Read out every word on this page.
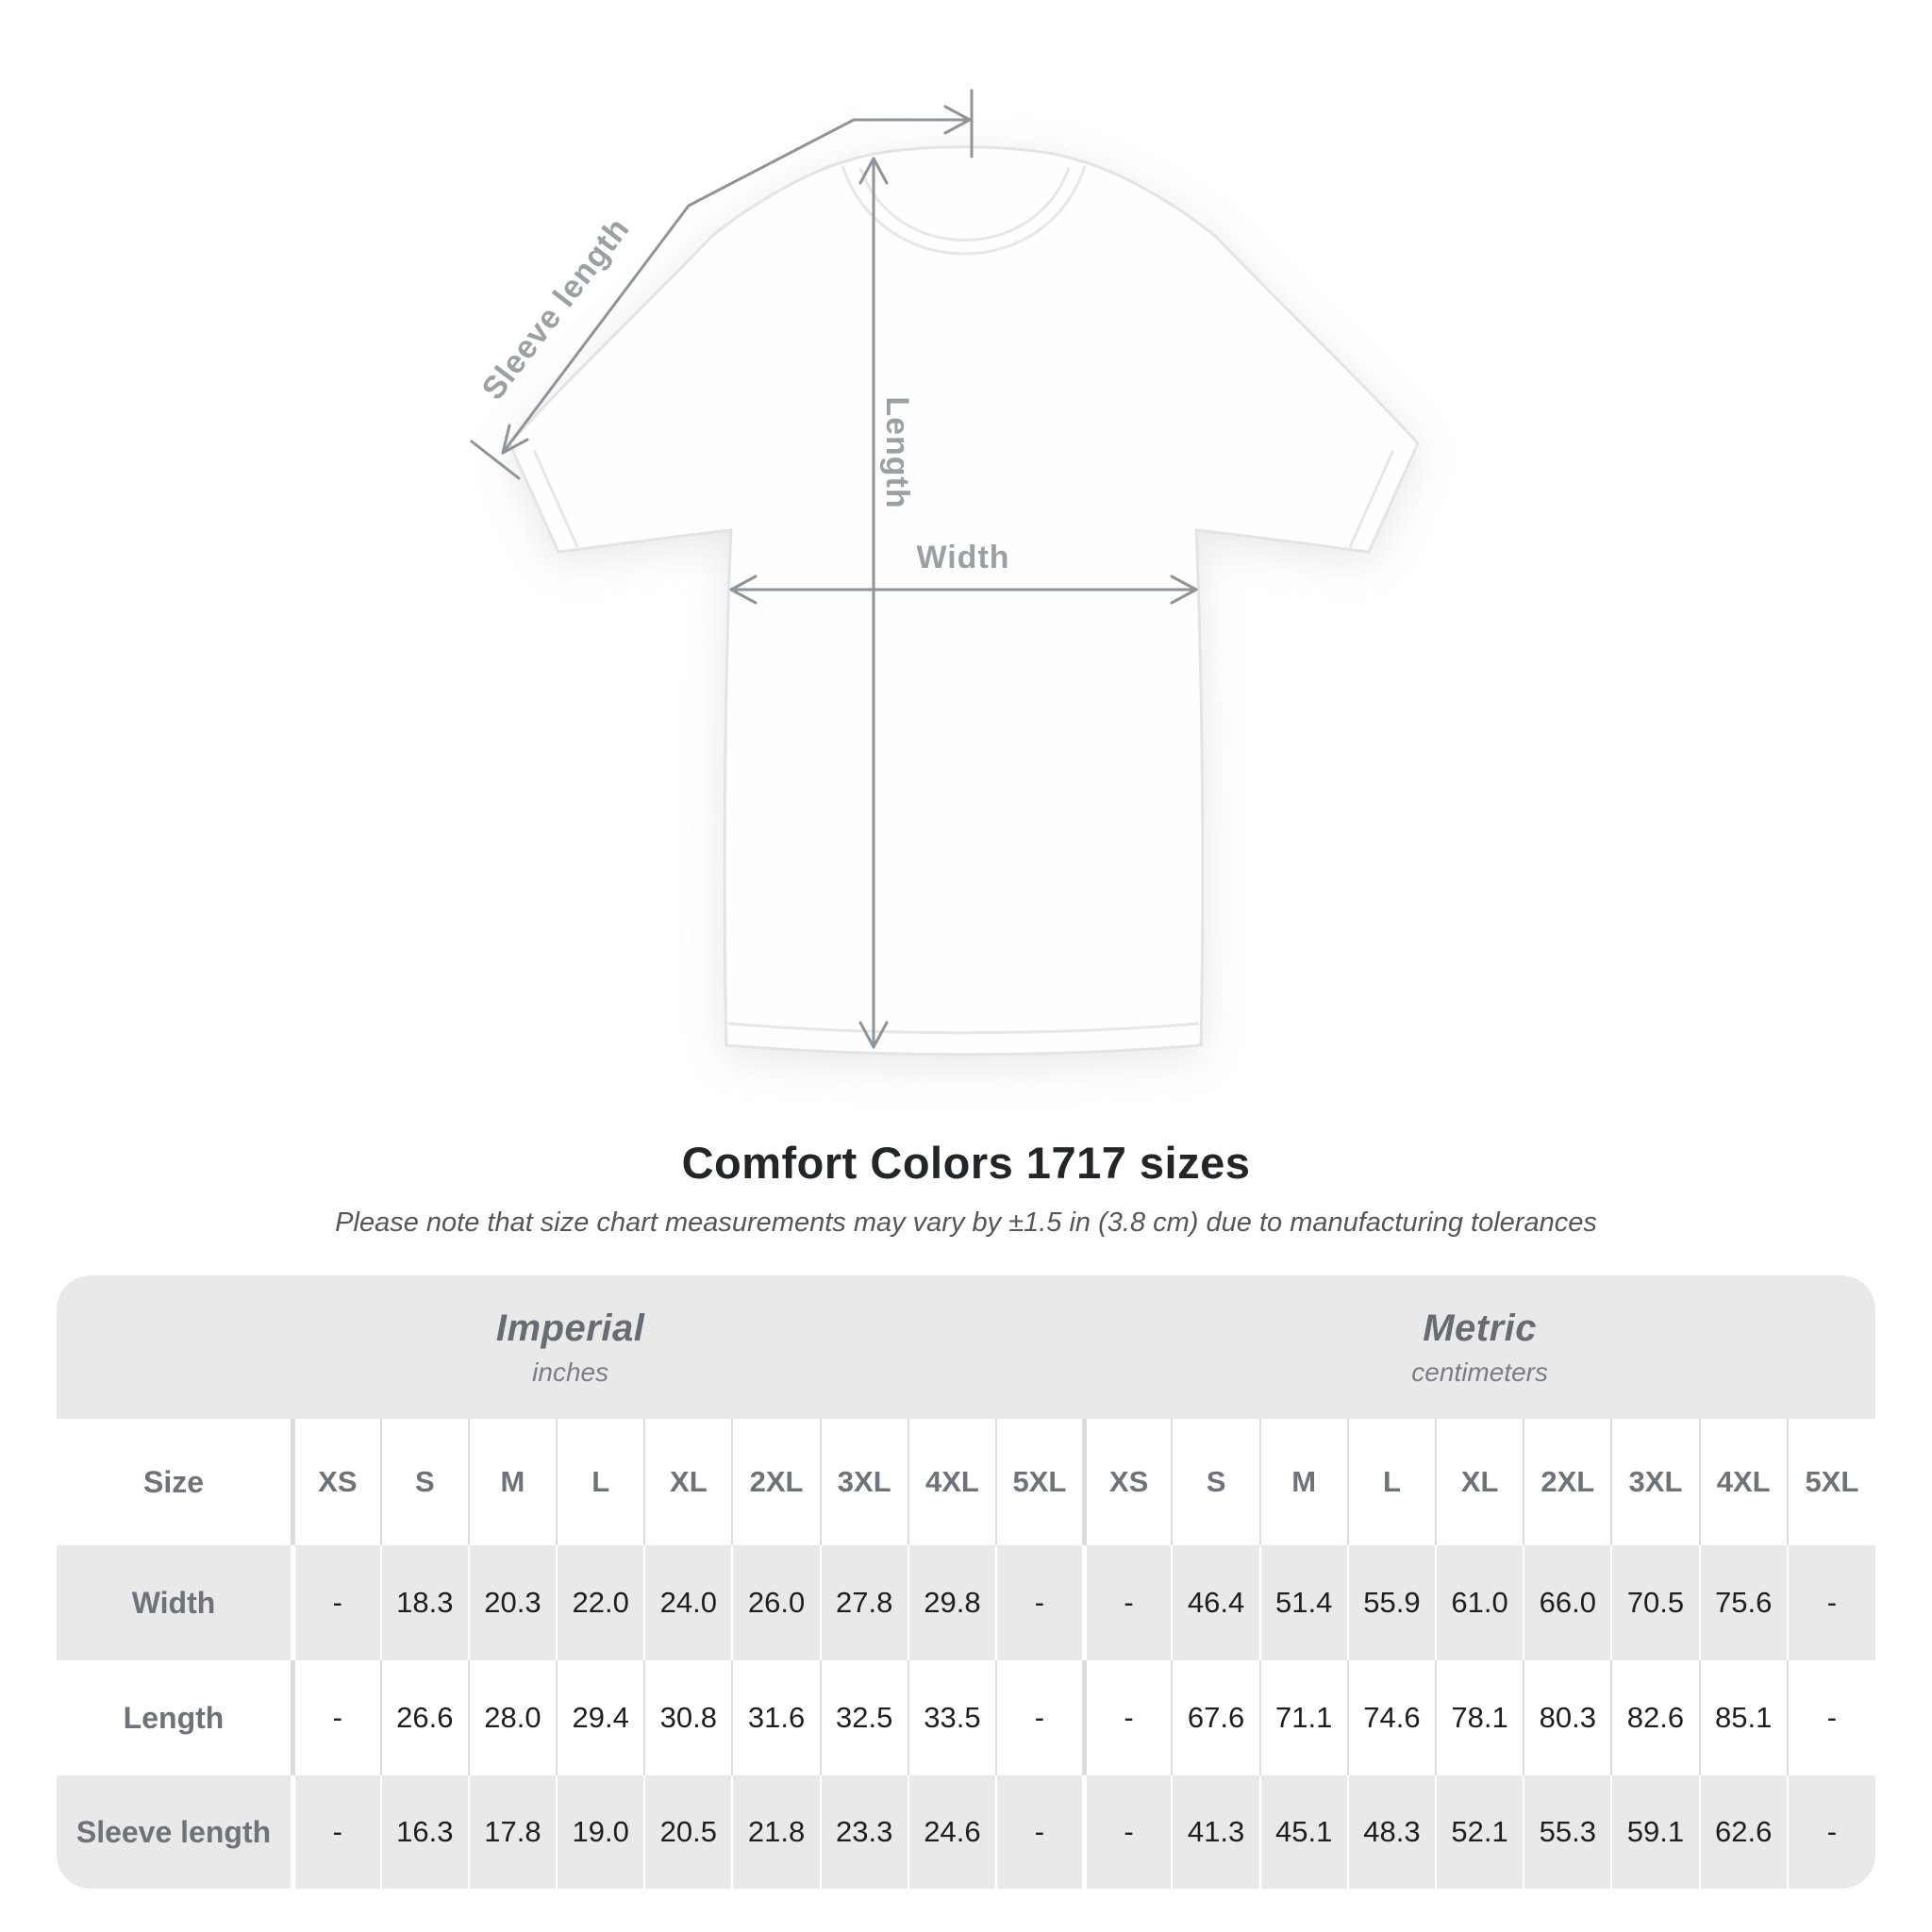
Sleeve length
Length
Width
Comfort Colors 1717 sizes
Please note that size chart measurements may vary by ±1.5 in (3.8 cm) due to manufacturing tolerances
Imperial
inches

Metric
centimeters

Size	XS	S	M	L	XL	2XL	3XL	4XL	5XL	XS	S	M	L	XL	2XL	3XL	4XL	5XL
Width	-	18.3	20.3	22.0	24.0	26.0	27.8	29.8	-	-	46.4	51.4	55.9	61.0	66.0	70.5	75.6	-
Length	-	26.6	28.0	29.4	30.8	31.6	32.5	33.5	-	-	67.6	71.1	74.6	78.1	80.3	82.6	85.1	-
Sleeve length	-	16.3	17.8	19.0	20.5	21.8	23.3	24.6	-	-	41.3	45.1	48.3	52.1	55.3	59.1	62.6	-
